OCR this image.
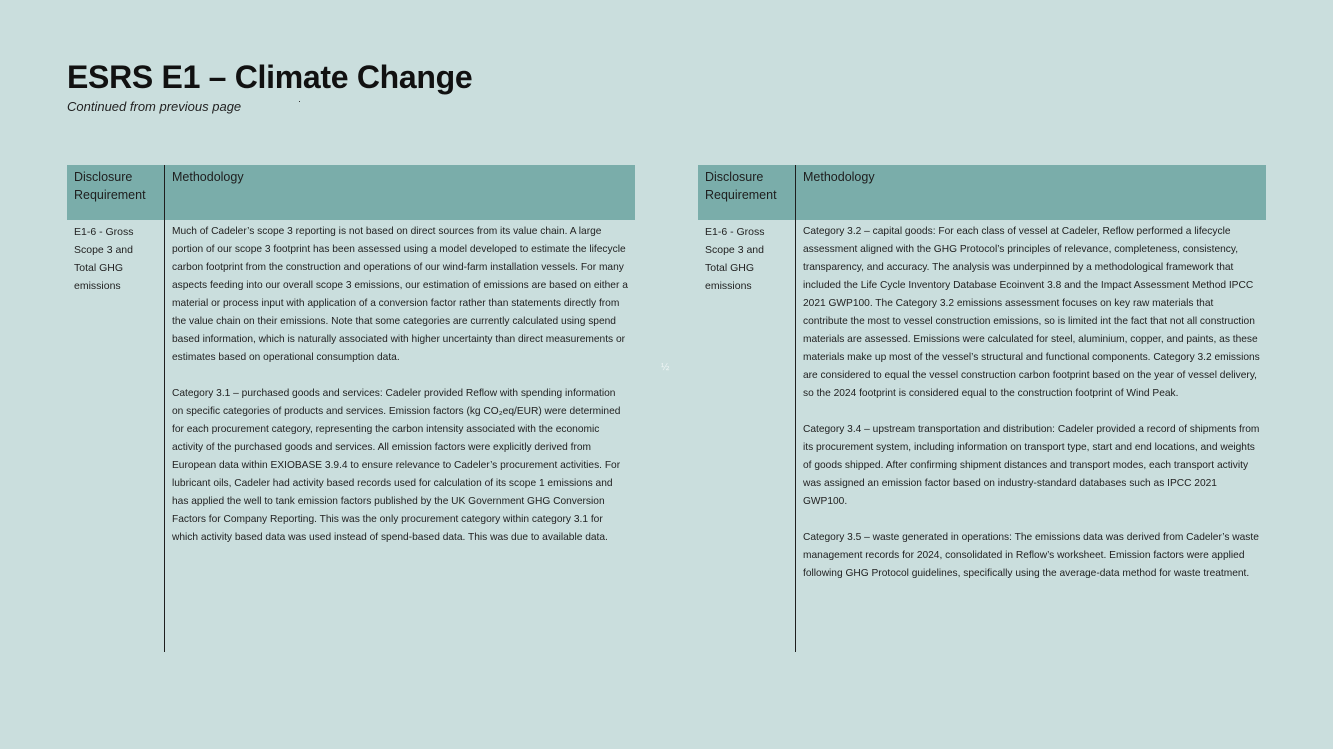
ESRS E1 – Climate Change

Continued from previous page

Disclosure Requirement
Methodology
E1-6 - Gross Scope 3 and Total GHG emissions

Much of Cadeler’s scope 3 reporting is not based on direct sources from its value chain. A large portion of our scope 3 footprint has been assessed using a model developed to estimate the lifecycle carbon footprint from the construction and operations of our wind-farm installation vessels. For many aspects feeding into our overall scope 3 emissions, our estimation of emissions are based on either a material or process input with application of a conversion factor rather than statements directly from the value chain on their emissions. Note that some categories are currently calculated using spend based information, which is naturally associated with higher uncertainty than direct measurements or estimates based on operational consumption data.

Category 3.1 – purchased goods and services: Cadeler provided Reflow with spending information on specific categories of products and services. Emission factors (kg CO₂eq/EUR) were determined for each procurement category, representing the carbon intensity associated with the economic activity of the purchased goods and services. All emission factors were explicitly derived from European data within EXIOBASE 3.9.4 to ensure relevance to Cadeler’s procurement activities. For lubricant oils, Cadeler had activity based records used for calculation of its scope 1 emissions and has applied the well to tank emission factors published by the UK Government GHG Conversion Factors for Company Reporting. This was the only procurement category within category 3.1 for which activity based data was used instead of spend-based data. This was due to available data.

½
Disclosure Requirement
Methodology
E1-6 - Gross Scope 3 and Total GHG emissions

Category 3.2 – capital goods: For each class of vessel at Cadeler, Reflow performed a lifecycle assessment aligned with the GHG Protocol’s principles of relevance, completeness, consistency, transparency, and accuracy. The analysis was underpinned by a methodological framework that included the Life Cycle Inventory Database Ecoinvent 3.8 and the Impact Assessment Method IPCC 2021 GWP100. The Category 3.2 emissions assessment focuses on key raw materials that contribute the most to vessel construction emissions, so is limited int the fact that not all construction materials are assessed. Emissions were calculated for steel, aluminium, copper, and paints, as these materials make up most of the vessel’s structural and functional components. Category 3.2 emissions are considered to equal the vessel construction carbon footprint based on the year of vessel delivery, so the 2024 footprint is considered equal to the construction footprint of Wind Peak.

Category 3.4 – upstream transportation and distribution: Cadeler provided a record of shipments from its procurement system, including information on transport type, start and end locations, and weights of goods shipped. After confirming shipment distances and transport modes, each transport activity was assigned an emission factor based on industry-standard databases such as IPCC 2021 GWP100.

Category 3.5 – waste generated in operations: The emissions data was derived from Cadeler’s waste management records for 2024, consolidated in Reflow’s worksheet. Emission factors were applied following GHG Protocol guidelines, specifically using the average-data method for waste treatment.
